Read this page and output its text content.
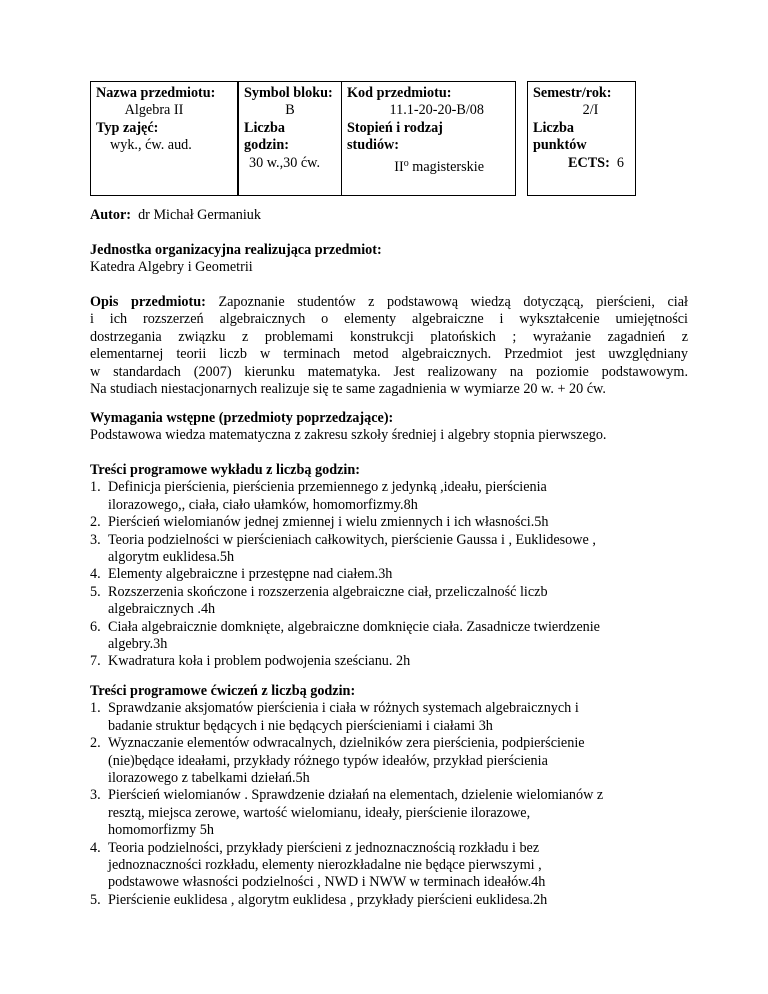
Nazwa przedmiotu:
Algebra II
Typ zajęć:
wyk., ćw. aud.
Symbol bloku:
B
Liczba
godzin:
30 w.,30 ćw.
Kod przedmiotu:
11.1-20-20-B/08
Stopień i rodzaj
studiów:
$II^o$ magisterskie
Semestr/rok:
2/I
Liczba
punktów
ECTS: 6
Autor: dr Michał Germaniuk
Jednostka organizacyjna realizująca przedmiot:
Katedra Algebry i Geometrii
Opis przedmiotu: Zapoznanie studentów z podstawową wiedzą dotyczącą, pierścieni, ciał
i ich rozszerzeń algebraicznych o elementy algebraiczne i wykształcenie umiejętności
dostrzegania związku z problemami konstrukcji platońskich ; wyrażanie zagadnień z
elementarnej teorii liczb w terminach metod algebraicznych. Przedmiot jest uwzględniany
w standardach (2007) kierunku matematyka. Jest realizowany na poziomie podstawowym.
Na studiach niestacjonarnych realizuje się te same zagadnienia w wymiarze 20 w. + 20 ćw.
Wymagania wstępne (przedmioty poprzedzające):
Podstawowa wiedza matematyczna z zakresu szkoły średniej i algebry stopnia pierwszego.
Treści programowe wykładu z liczbą godzin:
1. Definicja pierścienia, pierścienia przemiennego z jedynką ,ideału, pierścienia
ilorazowego,, ciała, ciało ułamków, homomorfizmy.8h
2. Pierścień wielomianów jednej zmiennej i wielu zmiennych i ich własności.5h
3. Teoria podzielności w pierścieniach całkowitych, pierścienie Gaussa i , Euklidesowe ,
algorytm euklidesa.5h
4. Elementy algebraiczne i przestępne nad ciałem.3h
5. Rozszerzenia skończone i rozszerzenia algebraiczne ciał, przeliczalność liczb
algebraicznych .4h
6. Ciała algebraicznie domknięte, algebraiczne domknięcie ciała. Zasadnicze twierdzenie
algebry.3h
7. Kwadratura koła i problem podwojenia sześcianu. 2h
Treści programowe ćwiczeń z liczbą godzin:
1. Sprawdzanie aksjomatów pierścienia i ciała w różnych systemach algebraicznych i
badanie struktur będących i nie będących pierścieniami i ciałami 3h
2. Wyznaczanie elementów odwracalnych, dzielników zera pierścienia, podpierścienie
(nie)będące ideałami, przykłady różnego typów ideałów, przykład pierścienia
ilorazowego z tabelkami dziełań.5h
3. Pierścień wielomianów . Sprawdzenie działań na elementach, dzielenie wielomianów z
resztą, miejsca zerowe, wartość wielomianu, ideały, pierścienie ilorazowe,
homomorfizmy 5h
4. Teoria podzielności, przykłady pierścieni z jednoznacznością rozkładu i bez
jednoznaczności rozkładu, elementy nierozkładalne nie będące pierwszymi ,
podstawowe własności podzielności , NWD i NWW w terminach ideałów.4h
5. Pierścienie euklidesa , algorytm euklidesa , przykłady pierścieni euklidesa.2h
